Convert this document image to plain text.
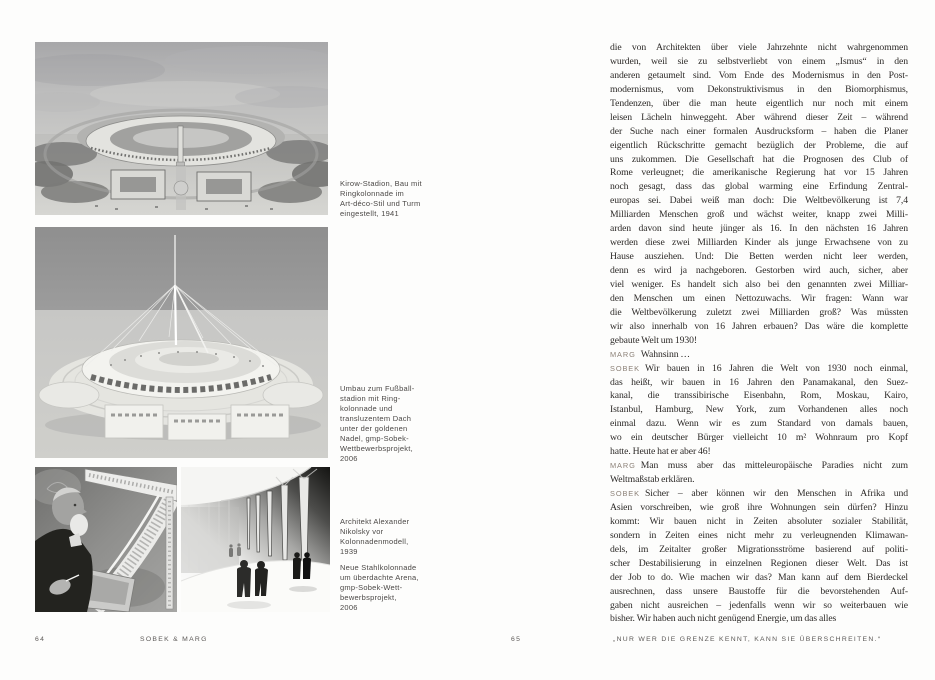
Kirow-Stadion, Bau mit
Ringkolonnade im
Art-déco-Stil und Turm
eingestellt, 1941
Umbau zum Fußball-
stadion mit Ring-
kolonnade und
transluzentem Dach
unter der goldenen
Nadel, gmp-Sobek-
Wettbewerbsprojekt,
2006
Architekt Alexander
Nikolsky vor
Kolonnadenmodell,
1939
Neue Stahlkolonnade
um überdachte Arena,
gmp-Sobek-Wett-
bewerbsprojekt,
2006
64	SOBEK & MARG
die von Architekten über viele Jahrzehnte nicht wahrgenommen
wurden, weil sie zu selbstverliebt von einem „Ismus“ in den
anderen getaumelt sind. Vom Ende des Modernismus in den Post-
modernismus, vom Dekonstruktivismus in den Biomorphismus,
Tendenzen, über die man heute eigentlich nur noch mit einem
leisen Lächeln hinweggeht. Aber während dieser Zeit – während
der Suche nach einer formalen Ausdrucksform – haben die Planer
eigentlich Rückschritte gemacht bezüglich der Probleme, die auf
uns zukommen. Die Gesellschaft hat die Prognosen des Club of
Rome verleugnet; die amerikanische Regierung hat vor 15 Jahren
noch gesagt, dass das global warming eine Erfindung Zentral-
europas sei. Dabei weiß man doch: Die Weltbevölkerung ist 7,4
Milliarden Menschen groß und wächst weiter, knapp zwei Milli-
arden davon sind heute jünger als 16. In den nächsten 16 Jahren
werden diese zwei Milliarden Kinder als junge Erwachsene von zu
Hause ausziehen. Und: Die Betten werden nicht leer werden,
denn es wird ja nachgeboren. Gestorben wird auch, sicher, aber
viel weniger. Es handelt sich also bei den genannten zwei Milliar-
den Menschen um einen Nettozuwachs. Wir fragen: Wann war
die Weltbevölkerung zuletzt zwei Milliarden groß? Was müssten
wir also innerhalb von 16 Jahren erbauen? Das wäre die komplette
gebaute Welt um 1930!
MARG Wahnsinn …
SOBEK Wir bauen in 16 Jahren die Welt von 1930 noch einmal,
das heißt, wir bauen in 16 Jahren den Panamakanal, den Suez-
kanal, die transsibirische Eisenbahn, Rom, Moskau, Kairo,
Istanbul, Hamburg, New York, zum Vorhandenen alles noch
einmal dazu. Wenn wir es zum Standard von damals bauen,
wo ein deutscher Bürger vielleicht 10 m² Wohnraum pro Kopf
hatte. Heute hat er aber 46!
MARG Man muss aber das mitteleuropäische Paradies nicht zum
Weltmaßstab erklären.
SOBEK Sicher – aber können wir den Menschen in Afrika und
Asien vorschreiben, wie groß ihre Wohnungen sein dürfen? Hinzu
kommt: Wir bauen nicht in Zeiten absoluter sozialer Stabilität,
sondern in Zeiten eines nicht mehr zu verleugnenden Klimawan-
dels, im Zeitalter großer Migrationsströme basierend auf politi-
scher Destabilisierung in einzelnen Regionen dieser Welt. Das ist
der Job to do. Wie machen wir das? Man kann auf dem Bierdeckel
ausrechnen, dass unsere Baustoffe für die bevorstehenden Auf-
gaben nicht ausreichen – jedenfalls wenn wir so weiterbauen wie
bisher. Wir haben auch nicht genügend Energie, um das alles
65	„NUR WER DIE GRENZE KENNT, KANN SIE ÜBERSCHREITEN.“
